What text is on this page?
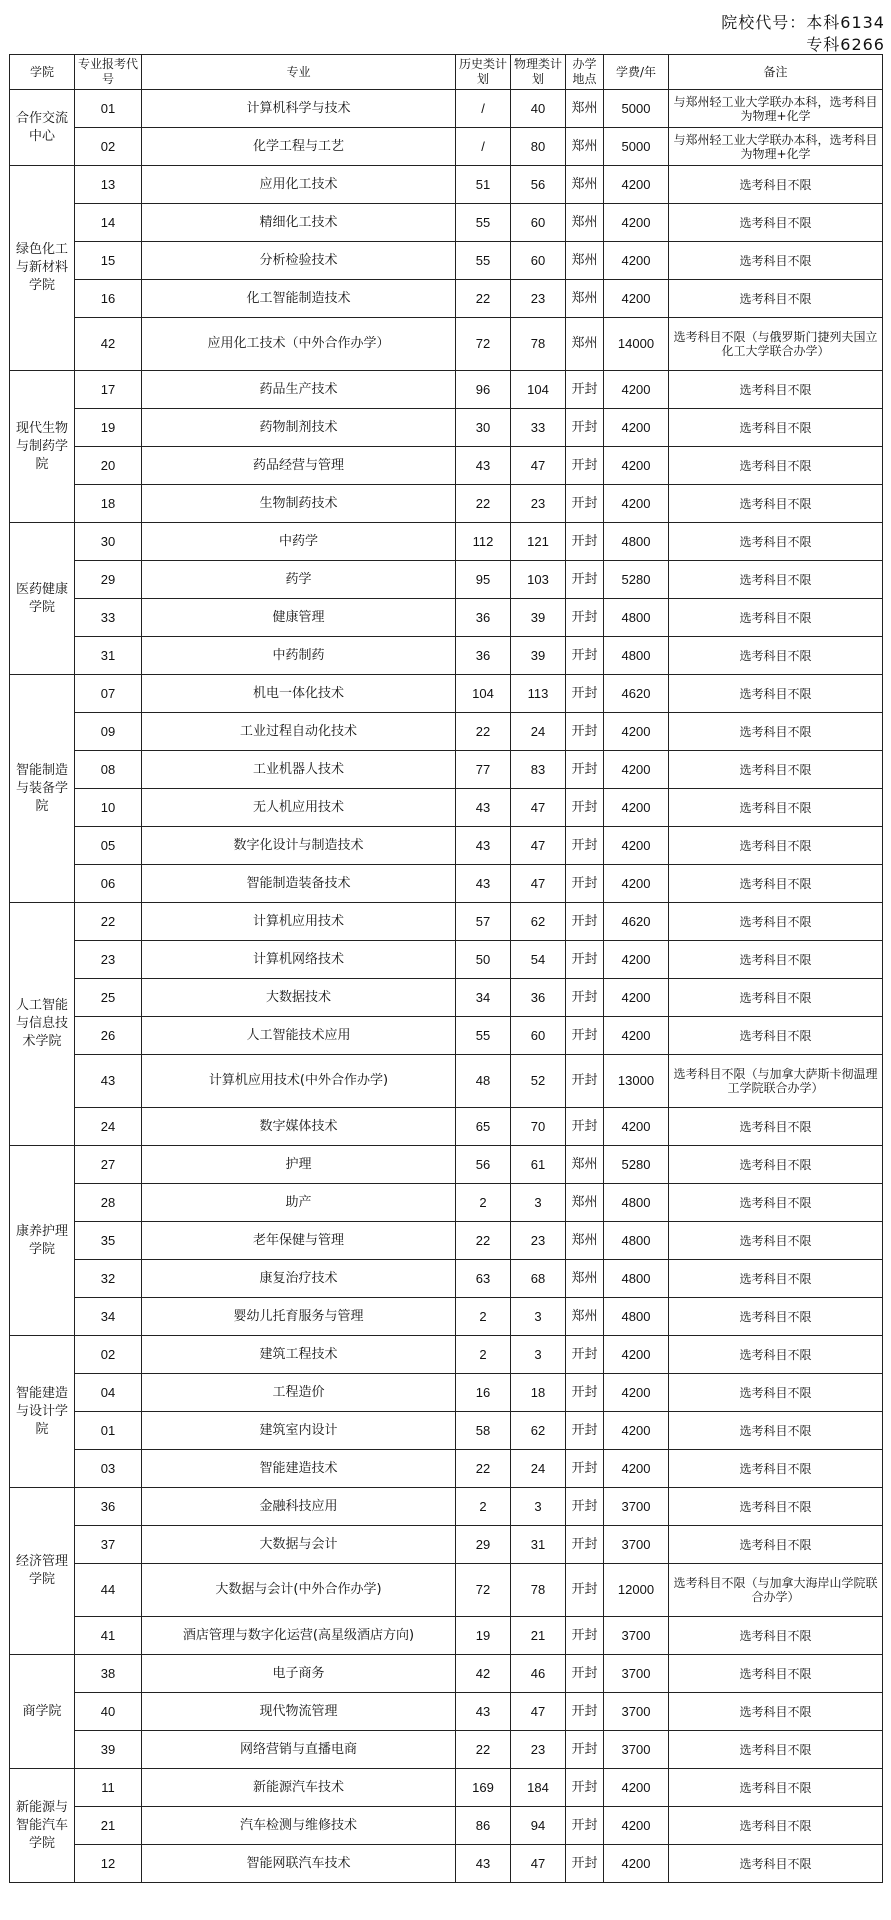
院校代号：本科6134
专科6266
学院	专业报考代号	专业	历史类计划	物理类计划	办学地点	学费/年	备注
合作交流中心	01	计算机科学与技术	/	40	郑州	5000	与郑州轻工业大学联办本科，选考科目为物理+化学
	02	化学工程与工艺	/	80	郑州	5000	与郑州轻工业大学联办本科，选考科目为物理+化学
绿色化工与新材料学院	13	应用化工技术	51	56	郑州	4200	选考科目不限
	14	精细化工技术	55	60	郑州	4200	选考科目不限
	15	分析检验技术	55	60	郑州	4200	选考科目不限
	16	化工智能制造技术	22	23	郑州	4200	选考科目不限
	42	应用化工技术（中外合作办学）	72	78	郑州	14000	选考科目不限（与俄罗斯门捷列夫国立化工大学联合办学）
现代生物与制药学院	17	药品生产技术	96	104	开封	4200	选考科目不限
	19	药物制剂技术	30	33	开封	4200	选考科目不限
	20	药品经营与管理	43	47	开封	4200	选考科目不限
	18	生物制药技术	22	23	开封	4200	选考科目不限
医药健康学院	30	中药学	112	121	开封	4800	选考科目不限
	29	药学	95	103	开封	5280	选考科目不限
	33	健康管理	36	39	开封	4800	选考科目不限
	31	中药制药	36	39	开封	4800	选考科目不限
智能制造与装备学院	07	机电一体化技术	104	113	开封	4620	选考科目不限
	09	工业过程自动化技术	22	24	开封	4200	选考科目不限
	08	工业机器人技术	77	83	开封	4200	选考科目不限
	10	无人机应用技术	43	47	开封	4200	选考科目不限
	05	数字化设计与制造技术	43	47	开封	4200	选考科目不限
	06	智能制造装备技术	43	47	开封	4200	选考科目不限
人工智能与信息技术学院	22	计算机应用技术	57	62	开封	4620	选考科目不限
	23	计算机网络技术	50	54	开封	4200	选考科目不限
	25	大数据技术	34	36	开封	4200	选考科目不限
	26	人工智能技术应用	55	60	开封	4200	选考科目不限
	43	计算机应用技术(中外合作办学)	48	52	开封	13000	选考科目不限（与加拿大萨斯卡彻温理工学院联合办学）
	24	数字媒体技术	65	70	开封	4200	选考科目不限
康养护理学院	27	护理	56	61	郑州	5280	选考科目不限
	28	助产	2	3	郑州	4800	选考科目不限
	35	老年保健与管理	22	23	郑州	4800	选考科目不限
	32	康复治疗技术	63	68	郑州	4800	选考科目不限
	34	婴幼儿托育服务与管理	2	3	郑州	4800	选考科目不限
智能建造与设计学院	02	建筑工程技术	2	3	开封	4200	选考科目不限
	04	工程造价	16	18	开封	4200	选考科目不限
	01	建筑室内设计	58	62	开封	4200	选考科目不限
	03	智能建造技术	22	24	开封	4200	选考科目不限
经济管理学院	36	金融科技应用	2	3	开封	3700	选考科目不限
	37	大数据与会计	29	31	开封	3700	选考科目不限
	44	大数据与会计(中外合作办学)	72	78	开封	12000	选考科目不限（与加拿大海岸山学院联合办学）
	41	酒店管理与数字化运营(高星级酒店方向)	19	21	开封	3700	选考科目不限
商学院	38	电子商务	42	46	开封	3700	选考科目不限
	40	现代物流管理	43	47	开封	3700	选考科目不限
	39	网络营销与直播电商	22	23	开封	3700	选考科目不限
新能源与智能汽车学院	11	新能源汽车技术	169	184	开封	4200	选考科目不限
	21	汽车检测与维修技术	86	94	开封	4200	选考科目不限
	12	智能网联汽车技术	43	47	开封	4200	选考科目不限
